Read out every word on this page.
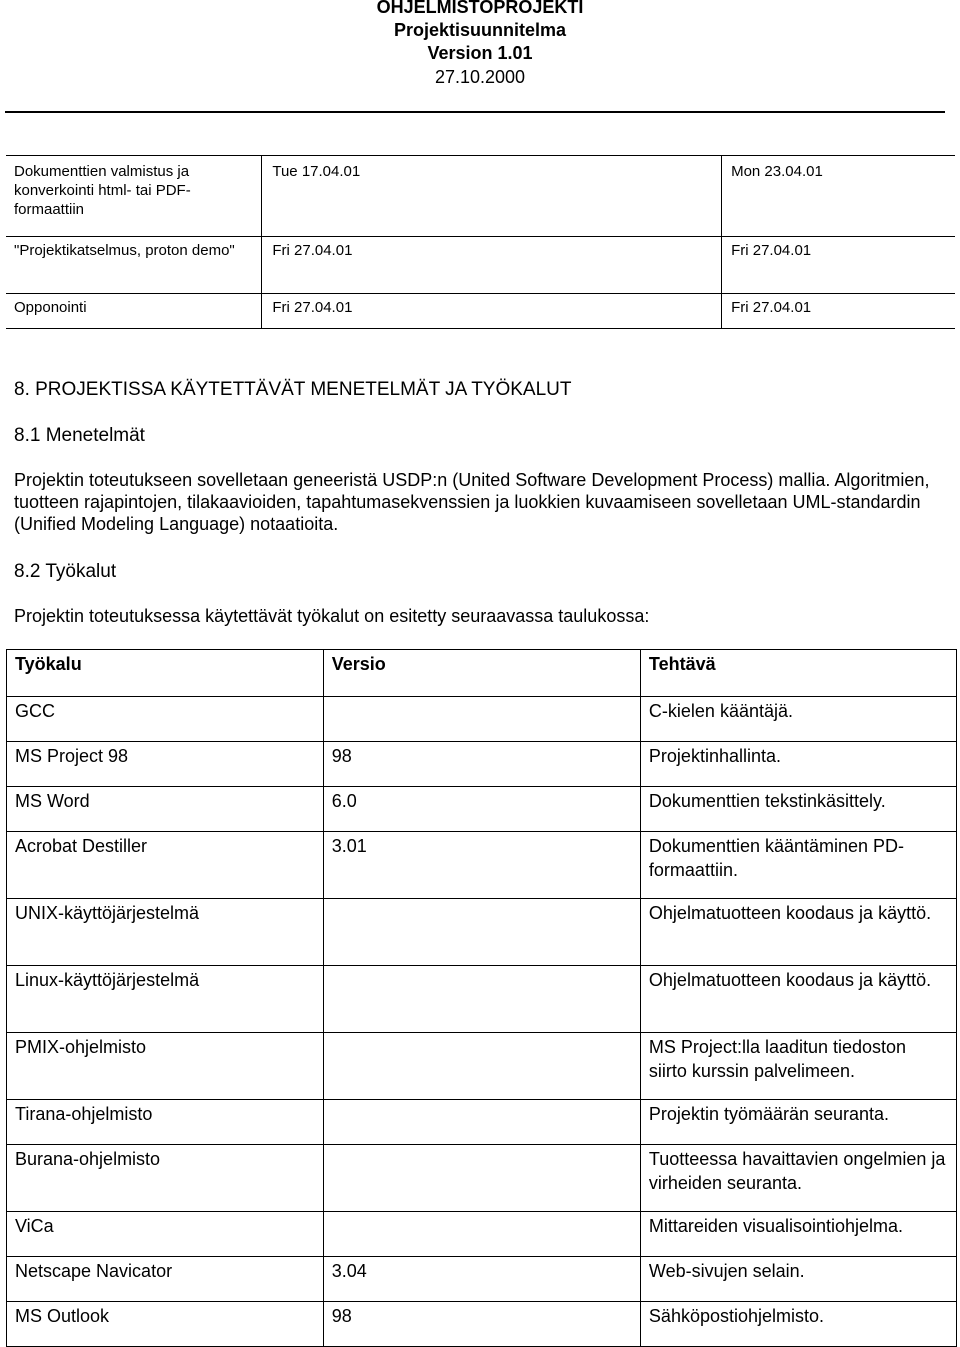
OHJELMISTOPROJEKTI
Projektisuunnitelma
Version 1.01
27.10.2000
Dokumenttien valmistus ja konverkointi html- tai PDF-formaattiin	Tue 17.04.01	Mon 23.04.01
"Projektikatselmus, proton demo"	Fri 27.04.01	Fri 27.04.01
Opponointi	Fri 27.04.01	Fri 27.04.01
8. PROJEKTISSA KÄYTETTÄVÄT MENETELMÄT JA TYÖKALUT
8.1 Menetelmät
Projektin toteutukseen sovelletaan geneeristä USDP:n (United Software Development Process) mallia. Algoritmien, tuotteen rajapintojen, tilakaavioiden, tapahtumasekvenssien ja luokkien kuvaamiseen sovelletaan UML-standardin (Unified Modeling Language) notaatioita.
8.2 Työkalut
Projektin toteutuksessa käytettävät työkalut on esitetty seuraavassa taulukossa:
Työkalu	Versio	Tehtävä
GCC		C-kielen kääntäjä.
MS Project 98	98	Projektinhallinta.
MS Word	6.0	Dokumenttien tekstinkäsittely.
Acrobat Destiller	3.01	Dokumenttien kääntäminen PD-formaattiin.
UNIX-käyttöjärjestelmä		Ohjelmatuotteen koodaus ja käyttö.
Linux-käyttöjärjestelmä		Ohjelmatuotteen koodaus ja käyttö.
PMIX-ohjelmisto		MS Project:lla laaditun tiedoston siirto kurssin palvelimeen.
Tirana-ohjelmisto		Projektin työmäärän seuranta.
Burana-ohjelmisto		Tuotteessa havaittavien ongelmien ja virheiden seuranta.
ViCa		Mittareiden visualisointiohjelma.
Netscape Navicator	3.04	Web-sivujen selain.
MS Outlook	98	Sähköpostiohjelmisto.
